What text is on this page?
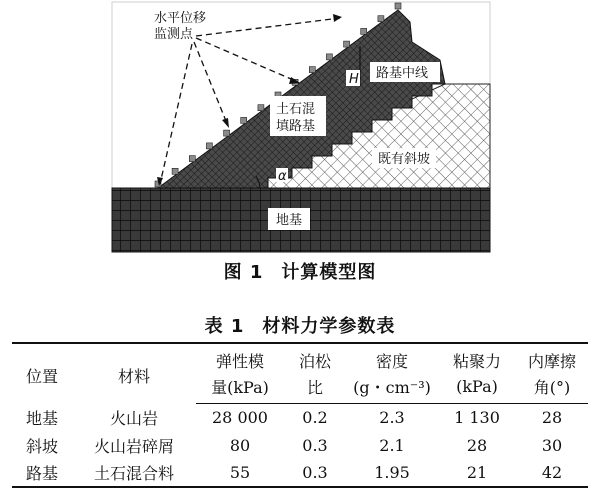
H
α
水平位移
监测点
路基中线
土石混
填路基
既有斜坡
地基
图 1 计算模型图
表 1 材料力学参数表
位置	材料	弹性模	泊松	密度	粘聚力	内摩擦
		量(kPa)	比	(g・cm⁻³)	(kPa)	角(°)
地基	火山岩	28 000	0.2	2.3	1 130	28
斜坡	火山岩碎屑	80	0.3	2.1	28	30
路基	土石混合料	55	0.3	1.95	21	42
